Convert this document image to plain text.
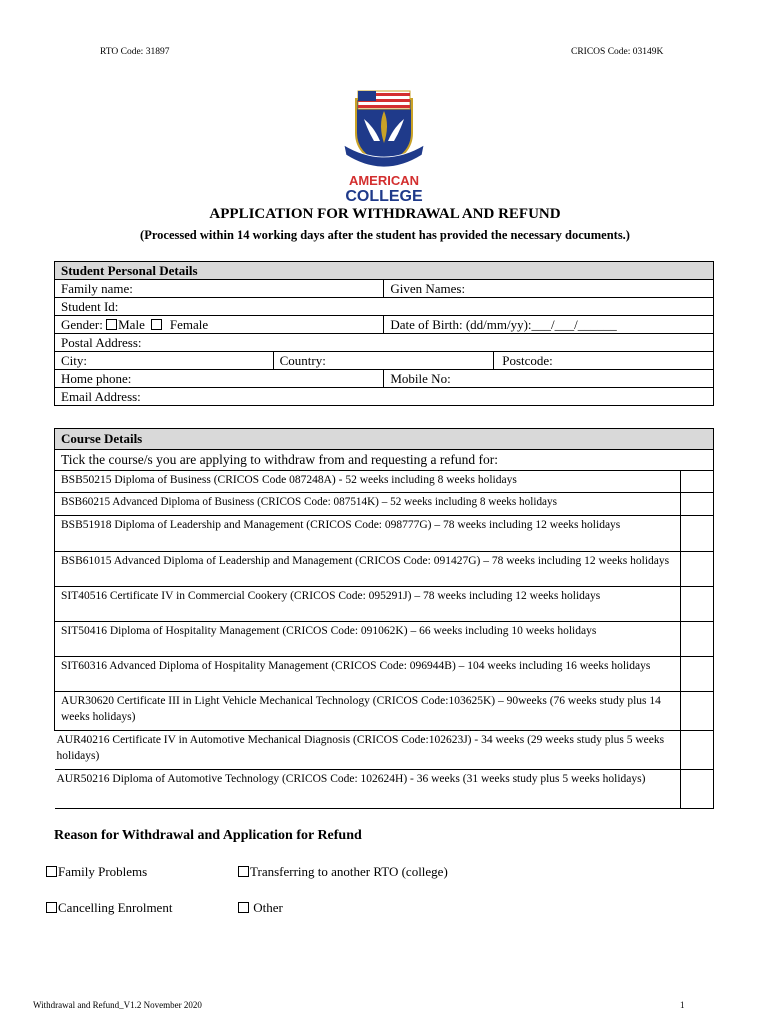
RTO Code: 31897	CRICOS Code: 03149K
AMERICAN
COLLEGE
APPLICATION FOR WITHDRAWAL AND REFUND
(Processed within 14 working days after the student has provided the necessary documents.)
Student Personal Details			
Family name:		Given Names:	
Student Id:			
Gender: Male Female		Date of Birth: (dd/mm/yy):___/___/______	
Postal Address:			
City:	Country:		Postcode:
Home phone:		Mobile No:	
Email Address:			
Course Details	
Tick the course/s you are applying to withdraw from and requesting a refund for:	
BSB50215 Diploma of Business (CRICOS Code 087248A) - 52 weeks including 8 weeks holidays	
BSB60215 Advanced Diploma of Business (CRICOS Code: 087514K) – 52 weeks including 8 weeks holidays	
BSB51918 Diploma of Leadership and Management (CRICOS Code: 098777G) – 78 weeks including 12 weeks holidays	
BSB61015 Advanced Diploma of Leadership and Management (CRICOS Code: 091427G) – 78 weeks including 12 weeks holidays	
SIT40516 Certificate IV in Commercial Cookery (CRICOS Code: 095291J) – 78 weeks including 12 weeks holidays	
SIT50416 Diploma of Hospitality Management (CRICOS Code: 091062K) – 66 weeks including 10 weeks holidays	
SIT60316 Advanced Diploma of Hospitality Management (CRICOS Code: 096944B) – 104 weeks including 16 weeks holidays	
AUR30620 Certificate III in Light Vehicle Mechanical Technology (CRICOS Code:103625K) – 90weeks (76 weeks study plus 14 weeks holidays)	
AUR40216 Certificate IV in Automotive Mechanical Diagnosis (CRICOS Code:102623J) - 34 weeks (29 weeks study plus 5 weeks holidays)	
AUR50216 Diploma of Automotive Technology (CRICOS Code: 102624H) - 36 weeks (31 weeks study plus 5 weeks holidays)	
Reason for Withdrawal and Application for Refund
Family Problems	Transferring to another RTO (college)
Cancelling Enrolment	Other
Withdrawal and Refund_V1.2 November 2020	1
